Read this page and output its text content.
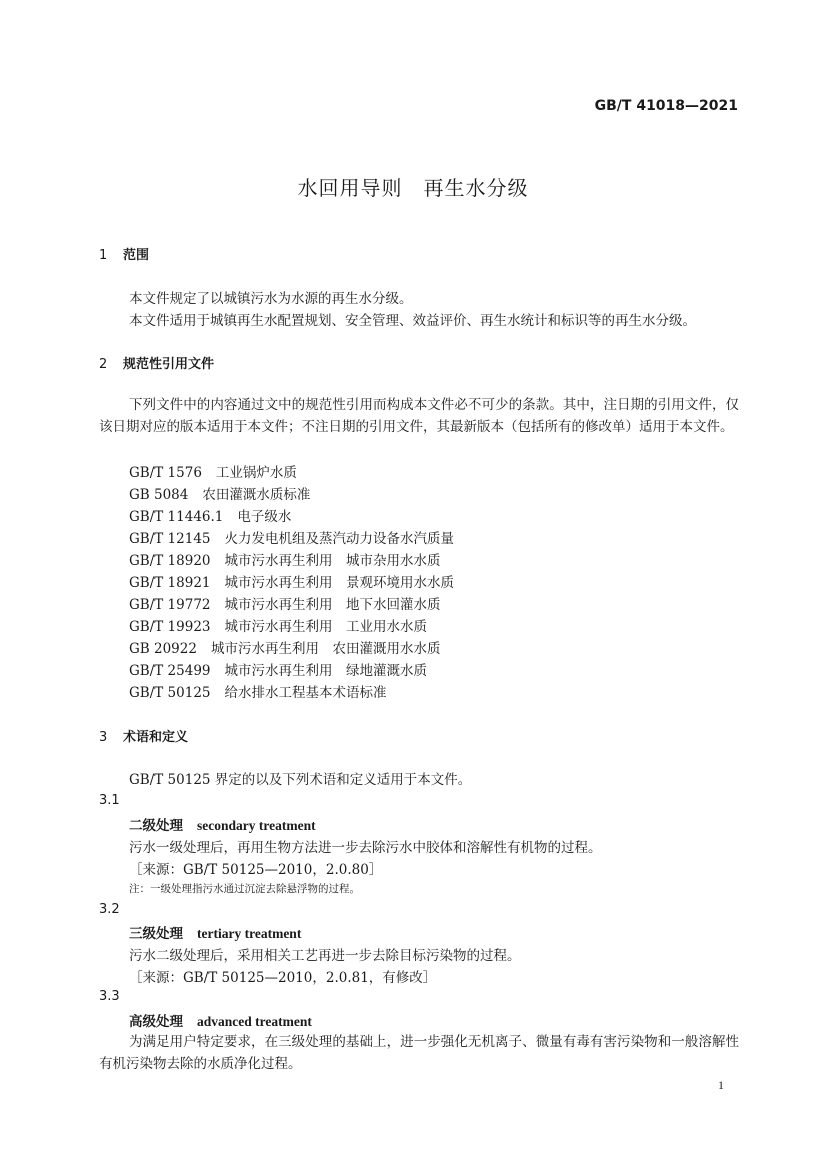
GB/T 41018—2021
水回用导则　再生水分级
1 范围
本文件规定了以城镇污水为水源的再生水分级。
本文件适用于城镇再生水配置规划、安全管理、效益评价、再生水统计和标识等的再生水分级。
2 规范性引用文件
下列文件中的内容通过文中的规范性引用而构成本文件必不可少的条款。其中，注日期的引用文件，仅该日期对应的版本适用于本文件；不注日期的引用文件，其最新版本（包括所有的修改单）适用于本文件。
GB/T 1576 工业锅炉水质
GB 5084 农田灌溉水质标准
GB/T 11446.1 电子级水
GB/T 12145 火力发电机组及蒸汽动力设备水汽质量
GB/T 18920 城市污水再生利用　城市杂用水水质
GB/T 18921 城市污水再生利用　景观环境用水水质
GB/T 19772 城市污水再生利用　地下水回灌水质
GB/T 19923 城市污水再生利用　工业用水水质
GB 20922 城市污水再生利用　农田灌溉用水水质
GB/T 25499 城市污水再生利用　绿地灌溉水质
GB/T 50125 给水排水工程基本术语标准
3 术语和定义
GB/T 50125 界定的以及下列术语和定义适用于本文件。
3.1
二级处理 secondary treatment
污水一级处理后，再用生物方法进一步去除污水中胶体和溶解性有机物的过程。
［来源：GB/T 50125—2010，2.0.80］
注：一级处理指污水通过沉淀去除悬浮物的过程。
3.2
三级处理 tertiary treatment
污水二级处理后，采用相关工艺再进一步去除目标污染物的过程。
［来源：GB/T 50125—2010，2.0.81，有修改］
3.3
高级处理 advanced treatment
为满足用户特定要求，在三级处理的基础上，进一步强化无机离子、微量有毒有害污染物和一般溶解性有机污染物去除的水质净化过程。
1
